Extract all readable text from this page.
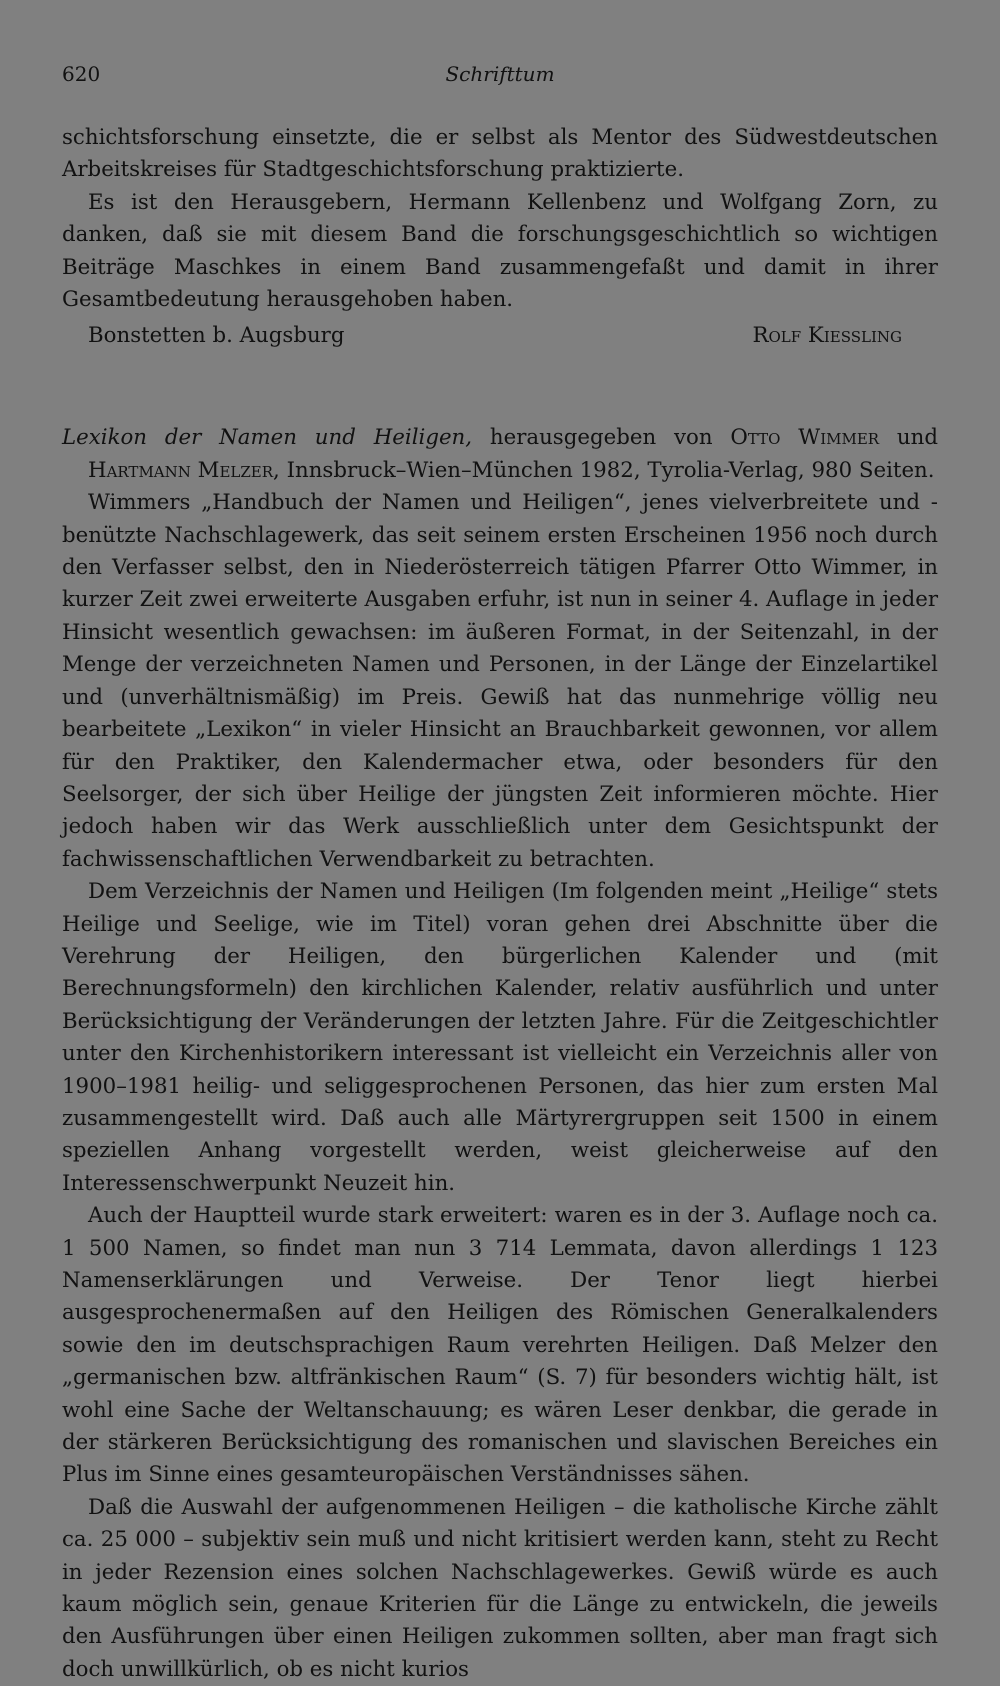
620	Schrifttum

schichtsforschung einsetzte, die er selbst als Mentor des Südwestdeutschen Arbeitskreises für Stadtgeschichtsforschung praktizierte.

Es ist den Herausgebern, Hermann Kellenbenz und Wolfgang Zorn, zu danken, daß sie mit diesem Band die forschungsgeschichtlich so wichtigen Beiträge Maschkes in einem Band zusammengefaßt und damit in ihrer Gesamtbedeutung herausgehoben haben.

Bonstetten b. Augsburg	Rolf Kiessling

Lexikon der Namen und Heiligen, herausgegeben von Otto Wimmer und Hartmann Melzer, Innsbruck–Wien–München 1982, Tyrolia-Verlag, 980 Seiten.

Wimmers „Handbuch der Namen und Heiligen“, jenes vielverbreitete und -benützte Nachschlagewerk, das seit seinem ersten Erscheinen 1956 noch durch den Verfasser selbst, den in Niederösterreich tätigen Pfarrer Otto Wimmer, in kurzer Zeit zwei erweiterte Ausgaben erfuhr, ist nun in seiner 4. Auflage in jeder Hinsicht wesentlich gewachsen: im äußeren Format, in der Seitenzahl, in der Menge der verzeichneten Namen und Personen, in der Länge der Einzelartikel und (unverhältnismäßig) im Preis. Gewiß hat das nunmehrige völlig neu bearbeitete „Lexikon“ in vieler Hinsicht an Brauchbarkeit gewonnen, vor allem für den Praktiker, den Kalendermacher etwa, oder besonders für den Seelsorger, der sich über Heilige der jüngsten Zeit informieren möchte. Hier jedoch haben wir das Werk ausschließlich unter dem Gesichtspunkt der fachwissenschaftlichen Verwendbarkeit zu betrachten.

Dem Verzeichnis der Namen und Heiligen (Im folgenden meint „Heilige“ stets Heilige und Seelige, wie im Titel) voran gehen drei Abschnitte über die Verehrung der Heiligen, den bürgerlichen Kalender und (mit Berechnungsformeln) den kirchlichen Kalender, relativ ausführlich und unter Berücksichtigung der Veränderungen der letzten Jahre. Für die Zeitgeschichtler unter den Kirchenhistorikern interessant ist vielleicht ein Verzeichnis aller von 1900–1981 heilig- und seliggesprochenen Personen, das hier zum ersten Mal zusammengestellt wird. Daß auch alle Märtyrergruppen seit 1500 in einem speziellen Anhang vorgestellt werden, weist gleicherweise auf den Interessenschwerpunkt Neuzeit hin.

Auch der Hauptteil wurde stark erweitert: waren es in der 3. Auflage noch ca. 1 500 Namen, so findet man nun 3 714 Lemmata, davon allerdings 1 123 Namenserklärungen und Verweise. Der Tenor liegt hierbei ausgesprochenermaßen auf den Heiligen des Römischen Generalkalenders sowie den im deutschsprachigen Raum verehrten Heiligen. Daß Melzer den „germanischen bzw. altfränkischen Raum“ (S. 7) für besonders wichtig hält, ist wohl eine Sache der Weltanschauung; es wären Leser denkbar, die gerade in der stärkeren Berücksichtigung des romanischen und slavischen Bereiches ein Plus im Sinne eines gesamteuropäischen Verständnisses sähen.

Daß die Auswahl der aufgenommenen Heiligen – die katholische Kirche zählt ca. 25 000 – subjektiv sein muß und nicht kritisiert werden kann, steht zu Recht in jeder Rezension eines solchen Nachschlagewerkes. Gewiß würde es auch kaum möglich sein, genaue Kriterien für die Länge zu entwickeln, die jeweils den Ausführungen über einen Heiligen zukommen sollten, aber man fragt sich doch unwillkürlich, ob es nicht kurios
